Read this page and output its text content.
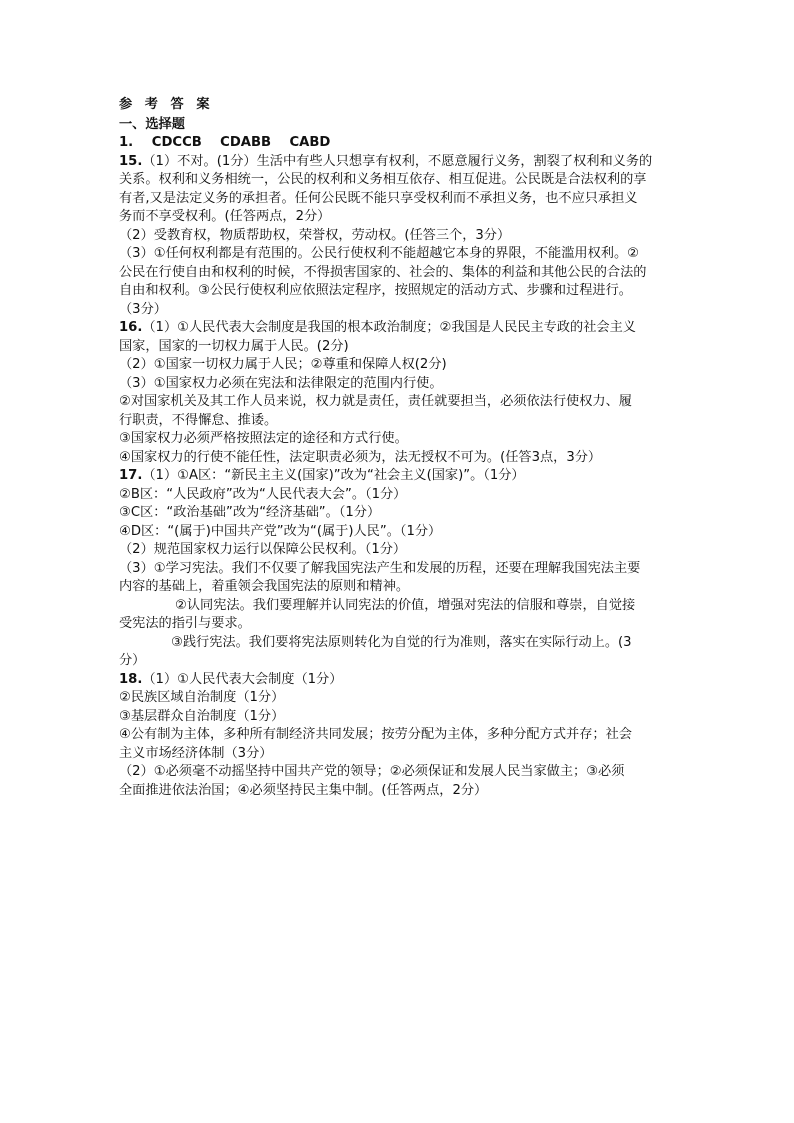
参 考 答 案
一、选择题
1. CDCCB    CDABB    CABD
15.（1）不对。(1分）生活中有些人只想享有权利，不愿意履行义务，割裂了权利和义务的
关系。权利和义务相统一，公民的权利和义务相互依存、相互促进。公民既是合法权利的享
有者,又是法定义务的承担者。任何公民既不能只享受权利而不承担义务，也不应只承担义
务而不享受权利。(任答两点，2分）
（2）受教育权，物质帮助权，荣誉权，劳动权。(任答三个，3分）
（3）①任何权利都是有范围的。公民行使权利不能超越它本身的界限，不能滥用权利。②
公民在行使自由和权利的时候，不得损害国家的、社会的、集体的利益和其他公民的合法的
自由和权利。③公民行使权利应依照法定程序，按照规定的活动方式、步骤和过程进行。
（3分）
16.（1）①人民代表大会制度是我国的根本政治制度；②我国是人民民主专政的社会主义
国家，国家的一切权力属于人民。(2分)
（2）①国家一切权力属于人民；②尊重和保障人权(2分)
（3）①国家权力必须在宪法和法律限定的范围内行使。
②对国家机关及其工作人员来说，权力就是责任，责任就要担当，必须依法行使权力、履
行职责，不得懈怠、推诿。
③国家权力必须严格按照法定的途径和方式行使。
④国家权力的行使不能任性，法定职责必须为，法无授权不可为。(任答3点，3分）
17.（1）①A区：“新民主主义(国家)”改为“社会主义(国家)”。（1分）
②B区：“人民政府”改为“人民代表大会”。（1分）
③C区：“政治基础”改为“经济基础”。（1分）
④D区：“(属于)中国共产党”改为“(属于)人民”。（1分）
（2）规范国家权力运行以保障公民权利。（1分）
（3）①学习宪法。我们不仅要了解我国宪法产生和发展的历程，还要在理解我国宪法主要
内容的基础上，着重领会我国宪法的原则和精神。
②认同宪法。我们要理解并认同宪法的价值，增强对宪法的信服和尊崇，自觉接
受宪法的指引与要求。
③践行宪法。我们要将宪法原则转化为自觉的行为准则，落实在实际行动上。(3
分）
18.（1）①人民代表大会制度（1分）
②民族区域自治制度（1分）
③基层群众自治制度（1分）
④公有制为主体，多种所有制经济共同发展；按劳分配为主体，多种分配方式并存；社会
主义市场经济体制（3分）
（2）①必须毫不动摇坚持中国共产党的领导；②必须保证和发展人民当家做主；③必须
全面推进依法治国；④必须坚持民主集中制。(任答两点，2分）
